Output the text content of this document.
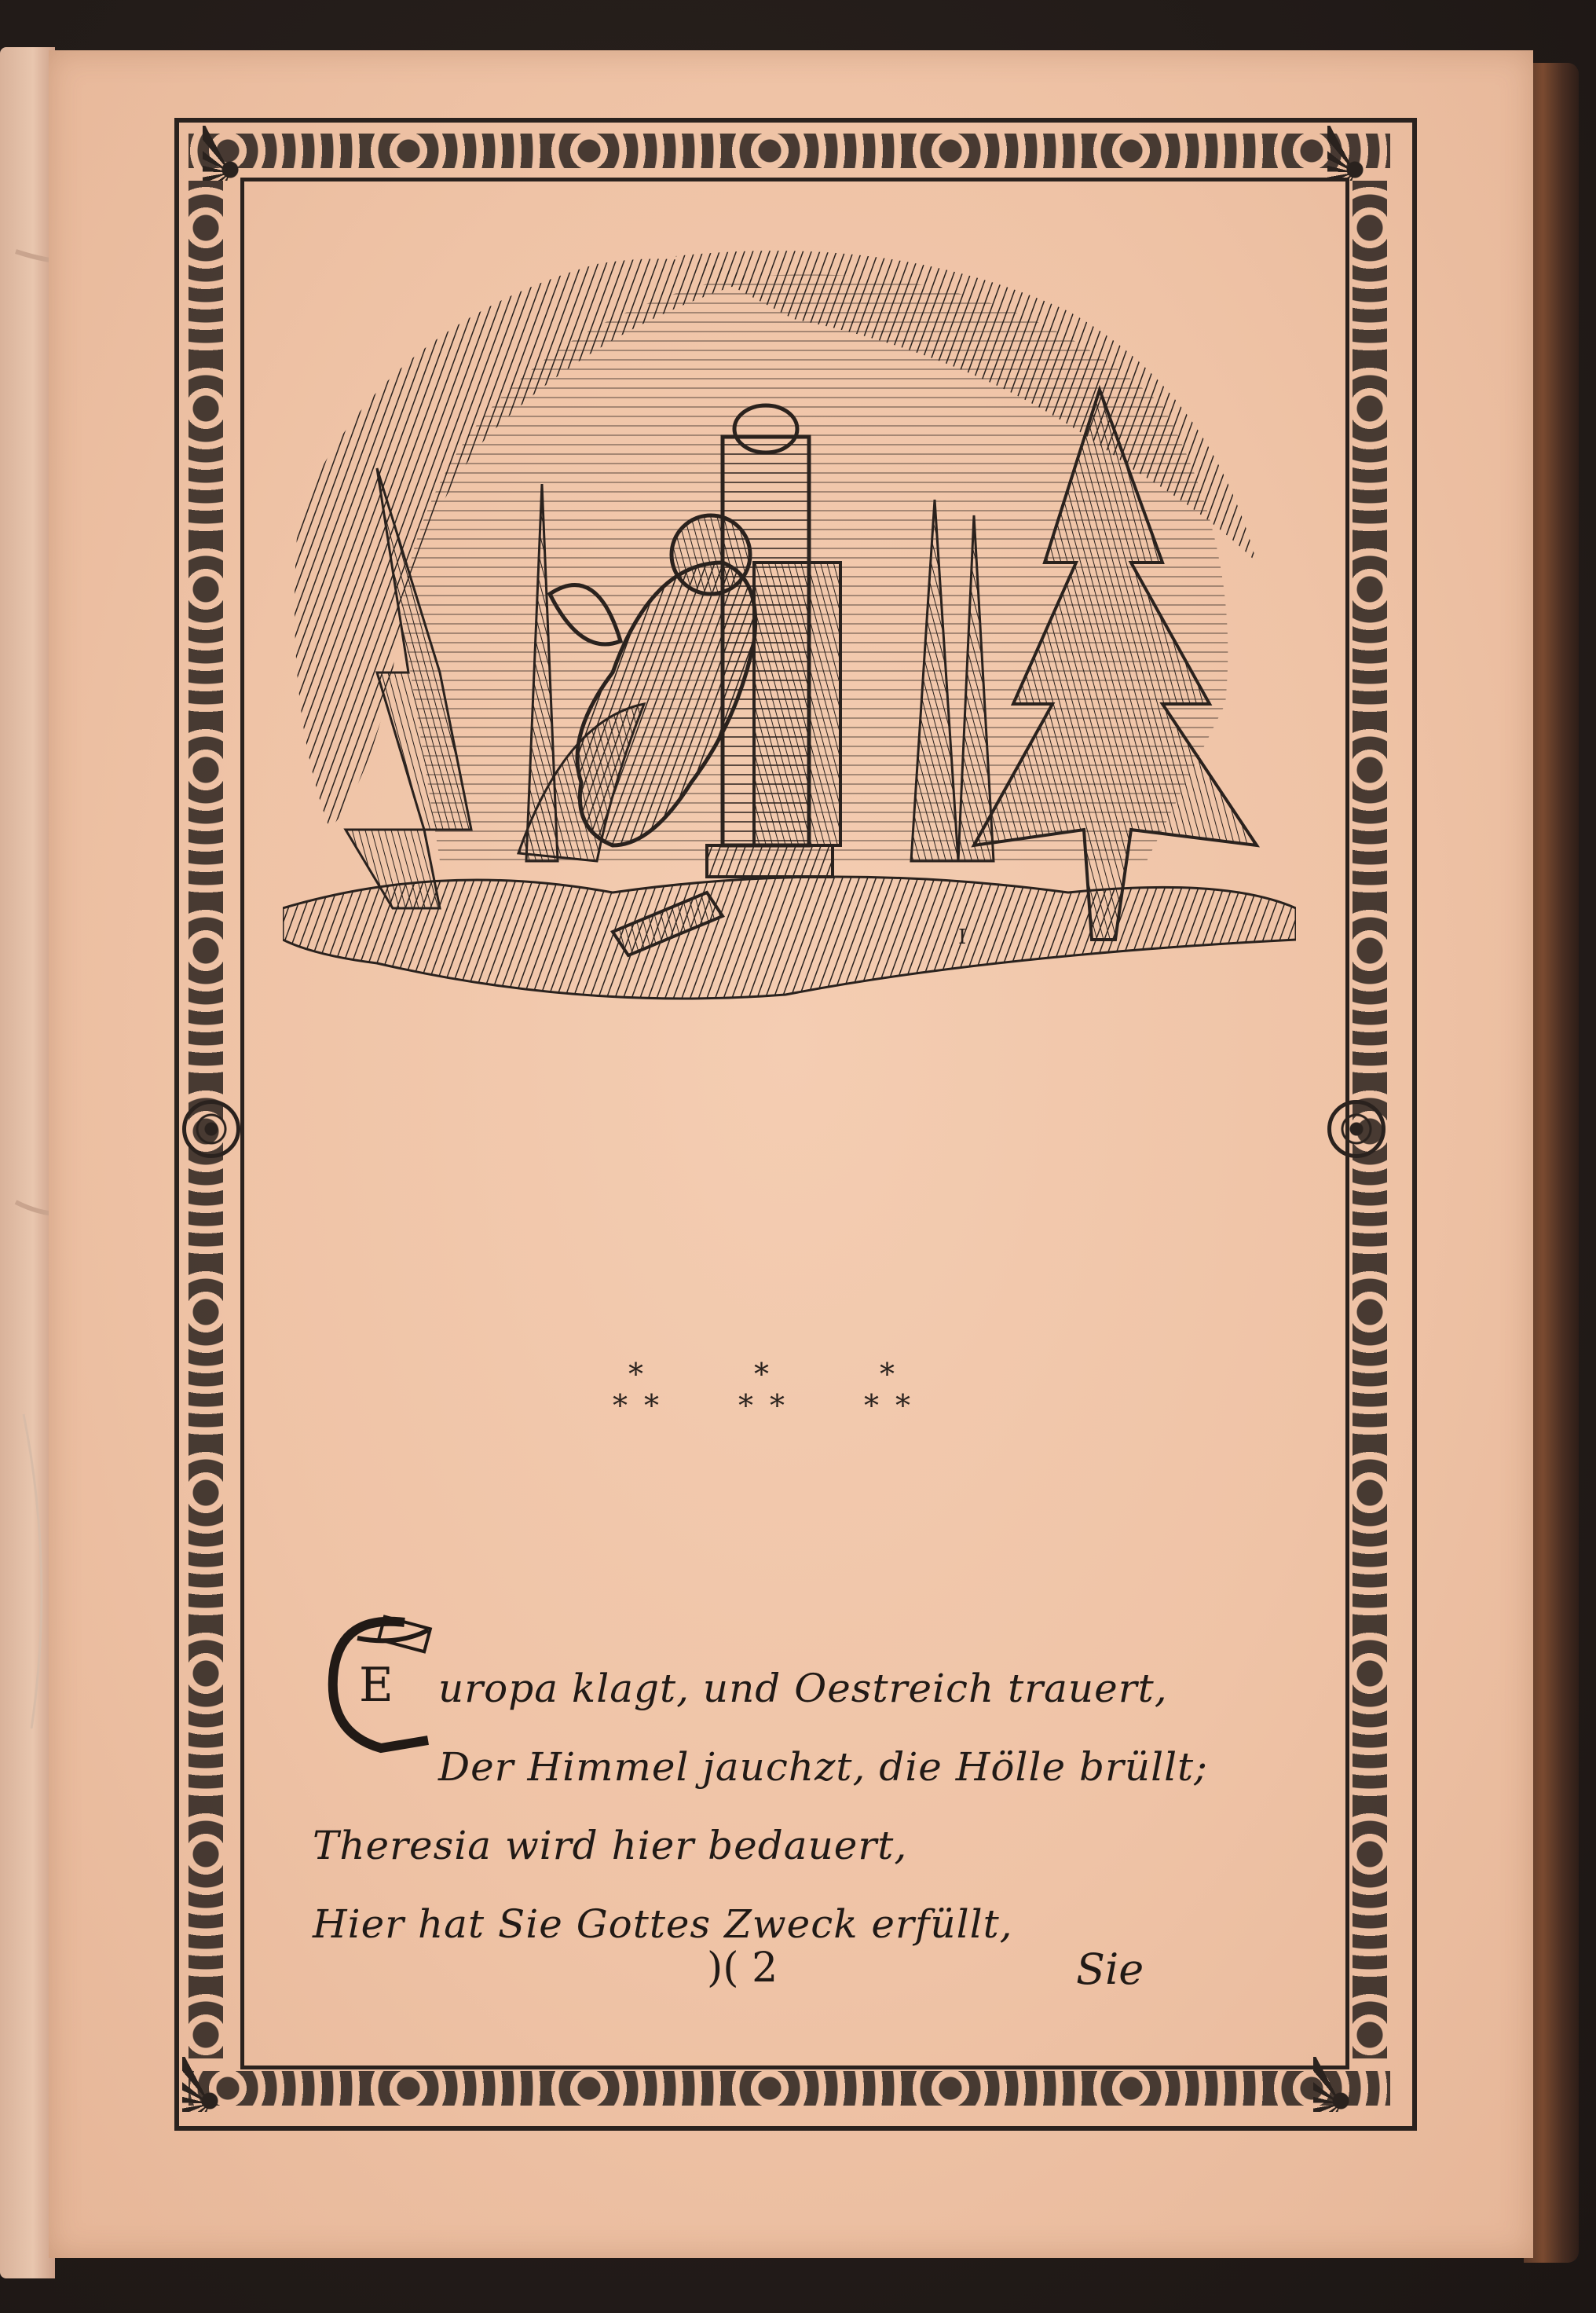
I
*
* *
*
* *
*
* *
E uropa klagt, und Oestreich trauert,
Der Himmel jauchzt, die Hölle brüllt;
Theresia wird hier bedauert,
Hier hat Sie Gottes Zweck erfüllt,
)( 2	Sie
